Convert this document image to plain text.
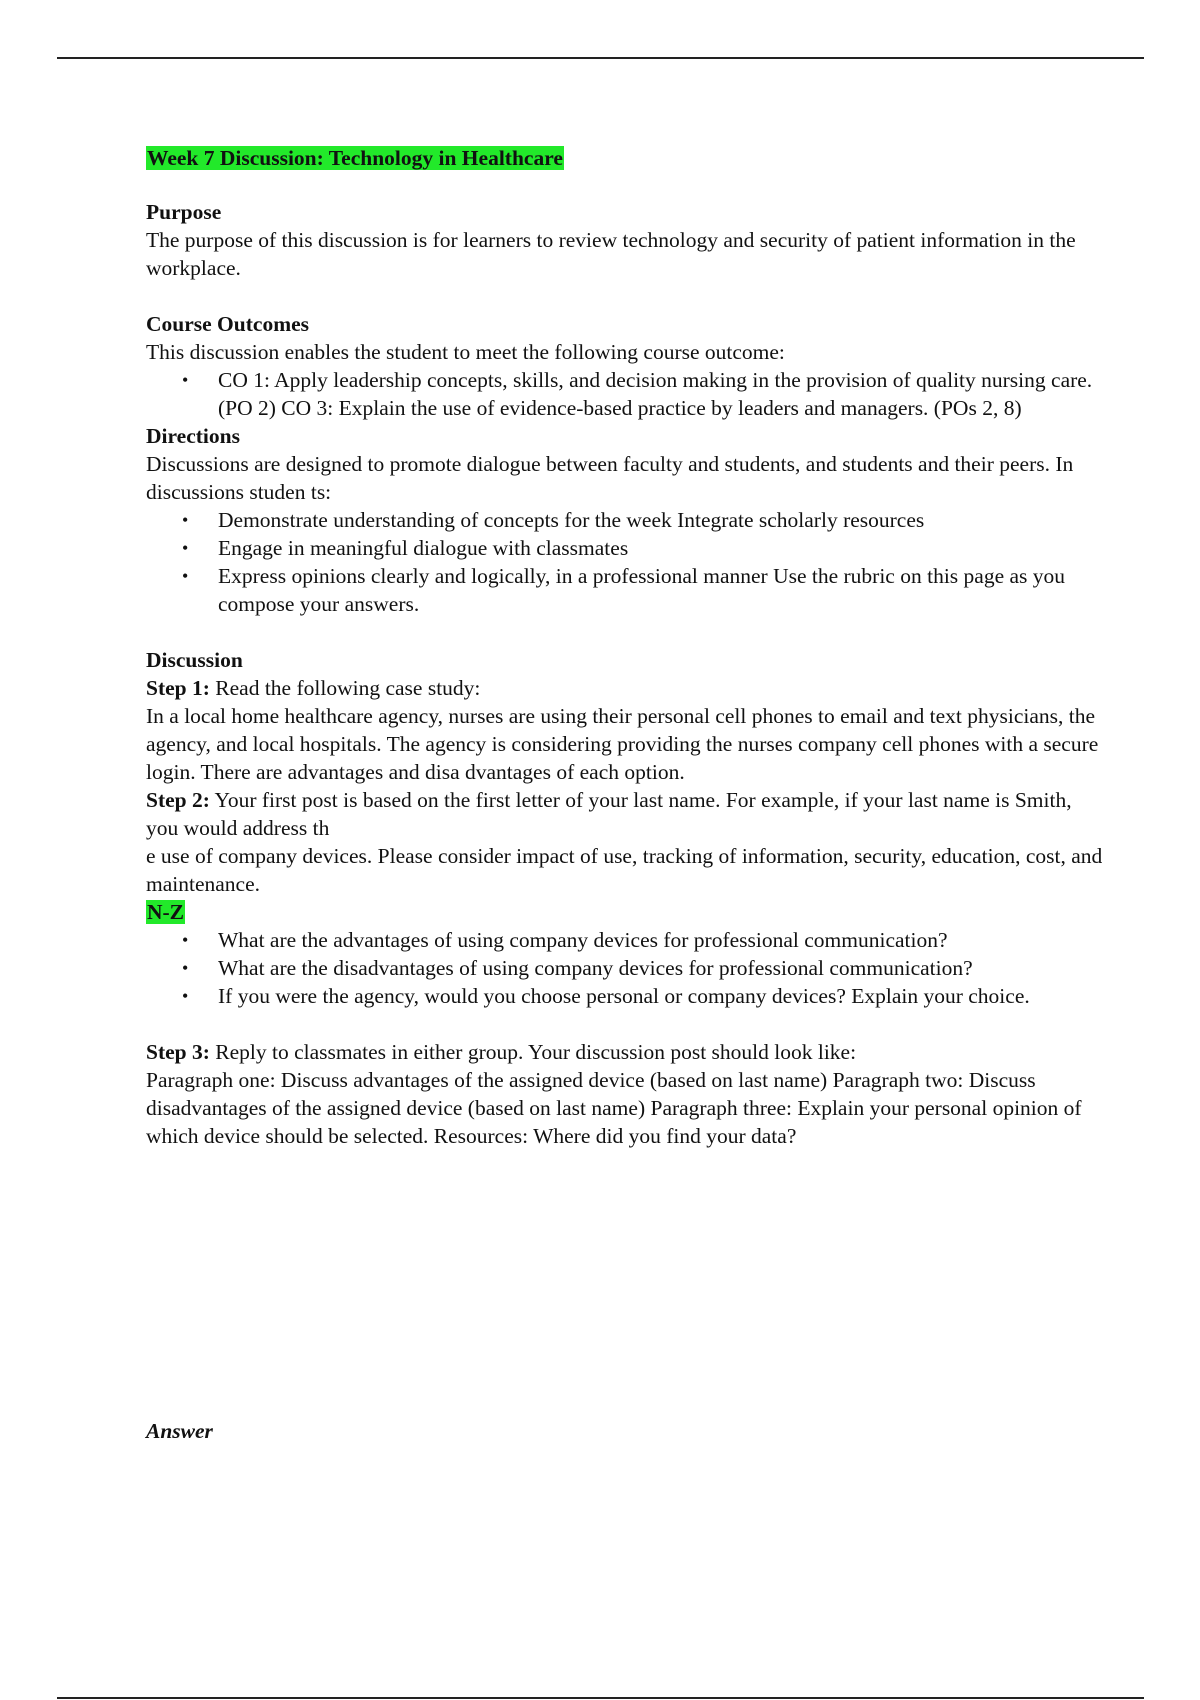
Week 7 Discussion: Technology in Healthcare

Purpose

The purpose of this discussion is for learners to review technology and security of patient information in the workplace.

Course Outcomes

This discussion enables the student to meet the following course outcome:

• CO 1: Apply leadership concepts, skills, and decision making in the provision of quality nursing care. (PO 2) CO 3: Explain the use of evidence-based practice by leaders and managers. (POs 2, 8)

Directions

Discussions are designed to promote dialogue between faculty and students, and students and their peers. In discussions studen ts:

• Demonstrate understanding of concepts for the week Integrate scholarly resources
• Engage in meaningful dialogue with classmates
• Express opinions clearly and logically, in a professional manner Use the rubric on this page as you compose your answers.

Discussion

Step 1: Read the following case study:

In a local home healthcare agency, nurses are using their personal cell phones to email and text physicians, the agency, and local hospitals. The agency is considering providing the nurses company cell phones with a secure login. There are advantages and disa dvantages of each option.

Step 2: Your first post is based on the first letter of your last name. For example, if your last name is Smith, you would address th

e use of company devices. Please consider impact of use, tracking of information, security, education, cost, and maintenance.

N-Z

• What are the advantages of using company devices for professional communication?
• What are the disadvantages of using company devices for professional communication?
• If you were the agency, would you choose personal or company devices? Explain your choice.

Step 3: Reply to classmates in either group. Your discussion post should look like:

Paragraph one: Discuss advantages of the assigned device (based on last name) Paragraph two: Discuss disadvantages of the assigned device (based on last name) Paragraph three: Explain your personal opinion of which device should be selected. Resources: Where did you find your data?

Answer
